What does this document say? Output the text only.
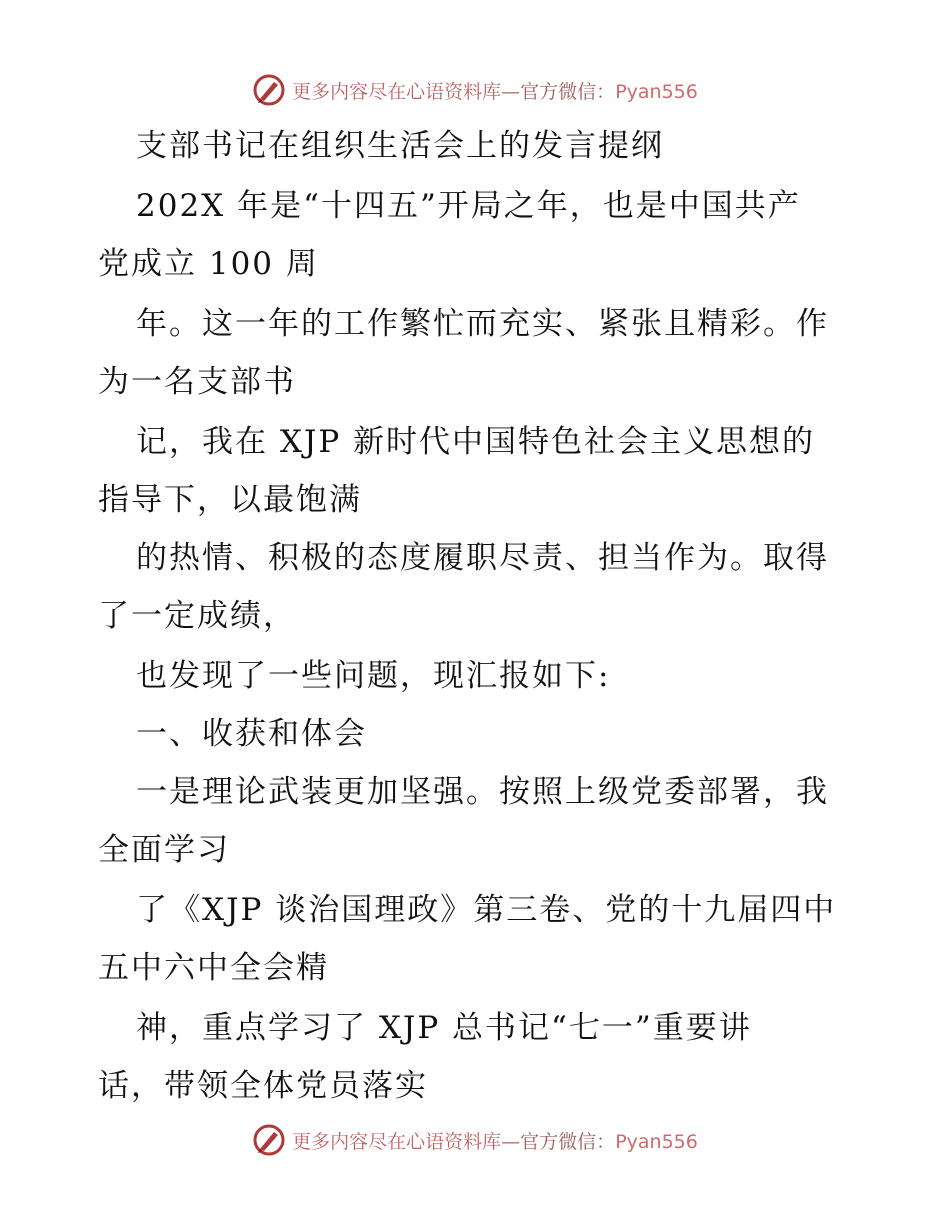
更多内容尽在心语资料库—官方微信：Pyan556
支部书记在组织生活会上的发言提纲
202X 年是“十四五”开局之年，也是中国共产
党成立 100 周
年。这一年的工作繁忙而充实、紧张且精彩。作
为一名支部书
记，我在 XJP 新时代中国特色社会主义思想的
指导下，以最饱满
的热情、积极的态度履职尽责、担当作为。取得
了一定成绩，
也发现了一些问题，现汇报如下:
一、收获和体会
一是理论武装更加坚强。按照上级党委部署，我
全面学习
了《XJP 谈治国理政》第三卷、党的十九届四中
五中六中全会精
神，重点学习了 XJP 总书记“七一”重要讲
话，带领全体党员落实
更多内容尽在心语资料库—官方微信：Pyan556
